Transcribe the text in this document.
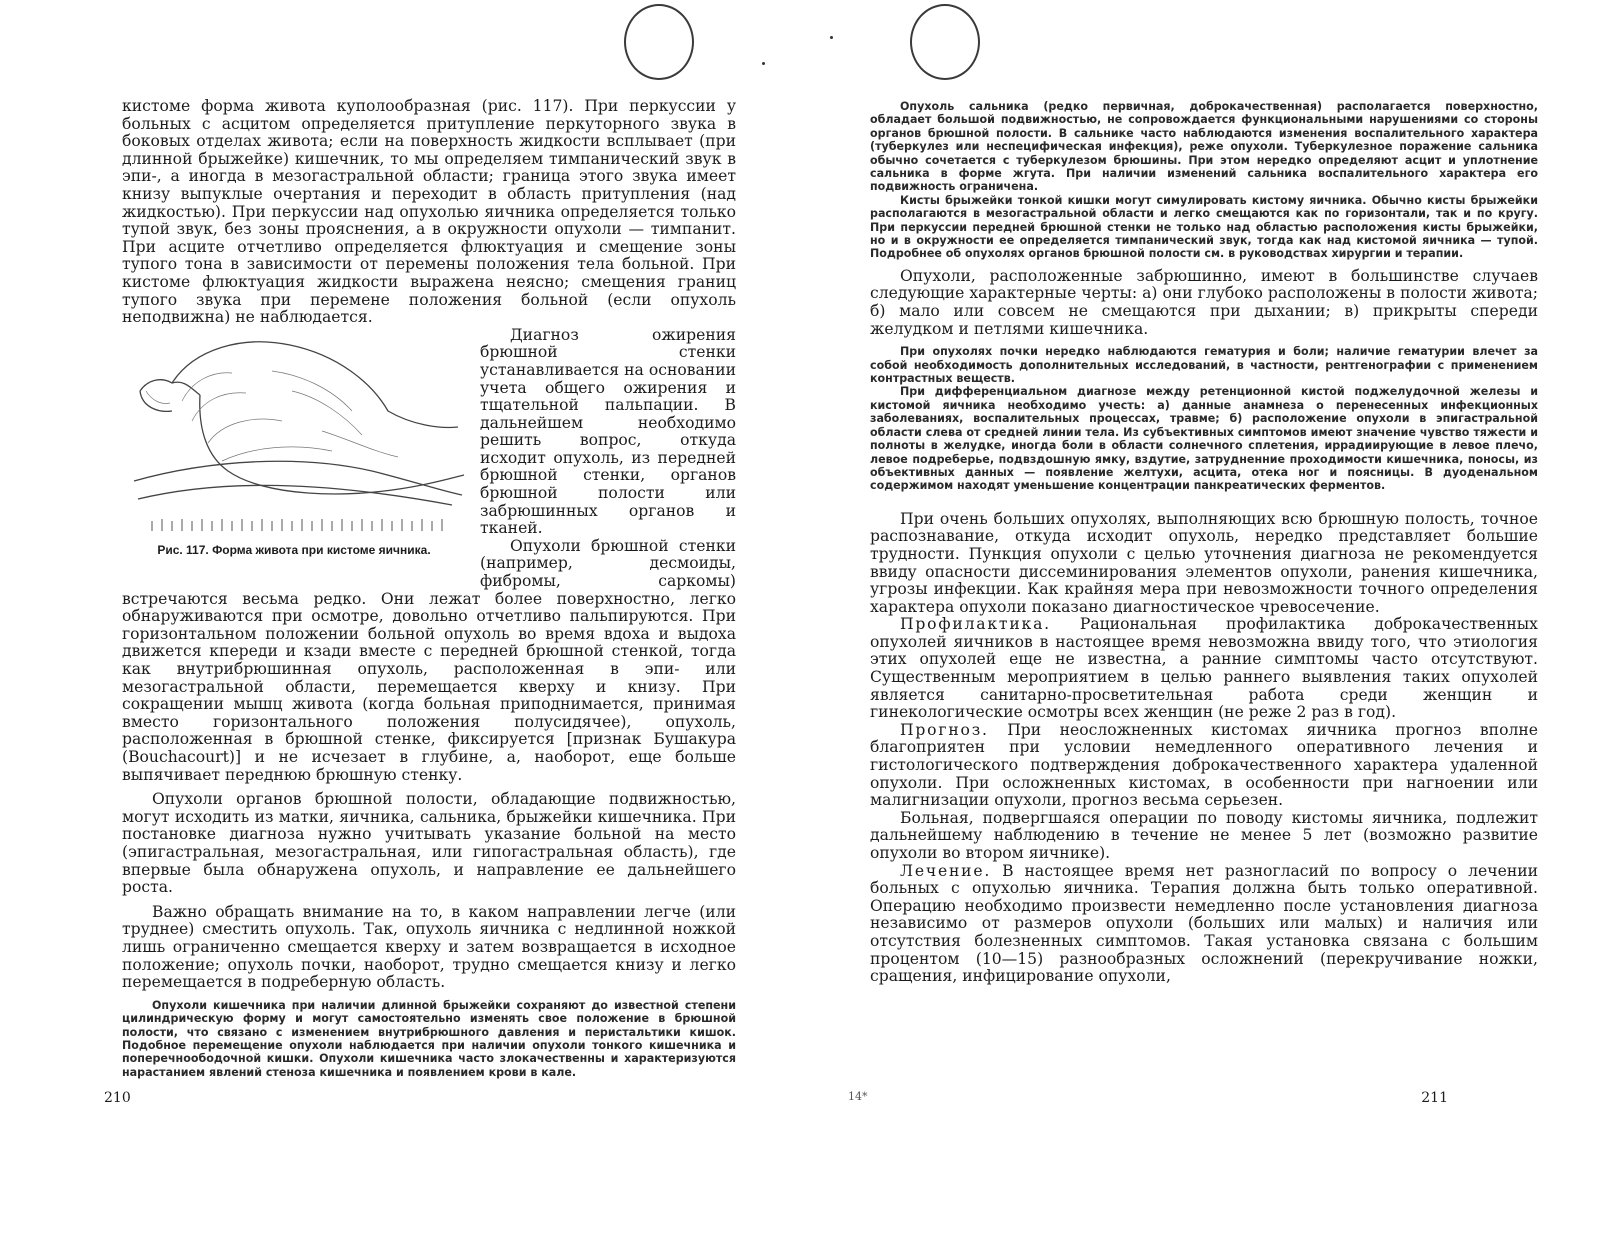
кистоме форма живота куполообразная (рис. 117). При перкуссии у больных с асцитом определяется притупление перкуторного звука в боковых отделах живота; если на поверхность жидкости всплывает (при длинной брыжейке) кишечник, то мы определяем тимпанический звук в эпи-, а иногда в мезогастральной области; граница этого звука имеет книзу выпуклые очертания и переходит в область притупления (над жидкостью). При перкуссии над опухолью яичника определяется только тупой звук, без зоны прояснения, а в окружности опухоли — тимпанит. При асците отчетливо определяется флюктуация и смещение зоны тупого тона в зависимости от перемены положения тела больной. При кистоме флюктуация жидкости выражена неясно; смещения границ тупого звука при перемене положения больной (если опухоль неподвижна) не наблюдается.

Рис. 117. Форма живота при кистоме яичника.

Диагноз ожирения брюшной стенки устанавливается на основании учета общего ожирения и тщательной пальпации. В дальнейшем необходимо решить вопрос, откуда исходит опухоль, из передней брюшной стенки, органов брюшной полости или забрюшинных органов и тканей.

Опухоли брюшной стенки (например, десмоиды, фибромы, саркомы) встречаются весьма редко. Они лежат более поверхностно, легко обнаруживаются при осмотре, довольно отчетливо пальпируются. При горизонтальном положении больной опухоль во время вдоха и выдоха движется кпереди и кзади вместе с передней брюшной стенкой, тогда как внутрибрюшинная опухоль, расположенная в эпи- или мезогастральной области, перемещается кверху и книзу. При сокращении мышц живота (когда больная приподнимается, принимая вместо горизонтального положения полусидячее), опухоль, расположенная в брюшной стенке, фиксируется [признак Бушакура (Bouchacourt)] и не исчезает в глубине, а, наоборот, еще больше выпячивает переднюю брюшную стенку.

Опухоли органов брюшной полости, обладающие подвижностью, могут исходить из матки, яичника, сальника, брыжейки кишечника. При постановке диагноза нужно учитывать указание больной на место (эпигастральная, мезогастральная, или гипогастральная область), где впервые была обнаружена опухоль, и направление ее дальнейшего роста.

Важно обращать внимание на то, в каком направлении легче (или труднее) сместить опухоль. Так, опухоль яичника с недлинной ножкой лишь ограниченно смещается кверху и затем возвращается в исходное положение; опухоль почки, наоборот, трудно смещается книзу и легко перемещается в подреберную область.

Опухоли кишечника при наличии длинной брыжейки сохраняют до известной степени цилиндрическую форму и могут самостоятельно изменять свое положение в брюшной полости, что связано с изменением внутрибрюшного давления и перистальтики кишок. Подобное перемещение опухоли наблюдается при наличии опухоли тонкого кишечника и поперечноободочной кишки. Опухоли кишечника часто злокачественны и характеризуются нарастанием явлений стеноза кишечника и появлением крови в кале.

210

Опухоль сальника (редко первичная, доброкачественная) располагается поверхностно, обладает большой подвижностью, не сопровождается функциональными нарушениями со стороны органов брюшной полости. В сальнике часто наблюдаются изменения воспалительного характера (туберкулез или неспецифическая инфекция), реже опухоли. Туберкулезное поражение сальника обычно сочетается с туберкулезом брюшины. При этом нередко определяют асцит и уплотнение сальника в форме жгута. При наличии изменений сальника воспалительного характера его подвижность ограничена.

Кисты брыжейки тонкой кишки могут симулировать кистому яичника. Обычно кисты брыжейки располагаются в мезогастральной области и легко смещаются как по горизонтали, так и по кругу. При перкуссии передней брюшной стенки не только над областью расположения кисты брыжейки, но и в окружности ее определяется тимпанический звук, тогда как над кистомой яичника — тупой. Подробнее об опухолях органов брюшной полости см. в руководствах хирургии и терапии.

Опухоли, расположенные забрюшинно, имеют в большинстве случаев следующие характерные черты: а) они глубоко расположены в полости живота; б) мало или совсем не смещаются при дыхании; в) прикрыты спереди желудком и петлями кишечника.

При опухолях почки нередко наблюдаются гематурия и боли; наличие гематурии влечет за собой необходимость дополнительных исследований, в частности, рентгенографии с применением контрастных веществ.

При дифференциальном диагнозе между ретенционной кистой поджелудочной железы и кистомой яичника необходимо учесть: а) данные анамнеза о перенесенных инфекционных заболеваниях, воспалительных процессах, травме; б) расположение опухоли в эпигастральной области слева от средней линии тела. Из субъективных симптомов имеют значение чувство тяжести и полноты в желудке, иногда боли в области солнечного сплетения, иррадиирующие в левое плечо, левое подреберье, подвздошную ямку, вздутие, затрудненние проходимости кишечника, поносы, из объективных данных — появление желтухи, асцита, отека ног и поясницы. В дуоденальном содержимом находят уменьшение концентрации панкреатических ферментов.

При очень больших опухолях, выполняющих всю брюшную полость, точное распознавание, откуда исходит опухоль, нередко представляет большие трудности. Пункция опухоли с целью уточнения диагноза не рекомендуется ввиду опасности диссеминирования элементов опухоли, ранения кишечника, угрозы инфекции. Как крайняя мера при невозможности точного определения характера опухоли показано диагностическое чревосечение.

Профилактика. Рациональная профилактика доброкачественных опухолей яичников в настоящее время невозможна ввиду того, что этиология этих опухолей еще не известна, а ранние симптомы часто отсутствуют. Существенным мероприятием в целью раннего выявления таких опухолей является санитарно-просветительная работа среди женщин и гинекологические осмотры всех женщин (не реже 2 раз в год).

Прогноз. При неосложненных кистомах яичника прогноз вполне благоприятен при условии немедленного оперативного лечения и гистологического подтверждения доброкачественного характера удаленной опухоли. При осложненных кистомах, в особенности при нагноении или малигнизации опухоли, прогноз весьма серьезен.

Больная, подвергшаяся операции по поводу кистомы яичника, подлежит дальнейшему наблюдению в течение не менее 5 лет (возможно развитие опухоли во втором яичнике).

Лечение. В настоящее время нет разногласий по вопросу о лечении больных с опухолью яичника. Терапия должна быть только оперативной. Операцию необходимо произвести немедленно после установления диагноза независимо от размеров опухоли (больших или малых) и наличия или отсутствия болезненных симптомов. Такая установка связана с большим процентом (10—15) разнообразных осложнений (перекручивание ножки, сращения, инфицирование опухоли,

14*	211
